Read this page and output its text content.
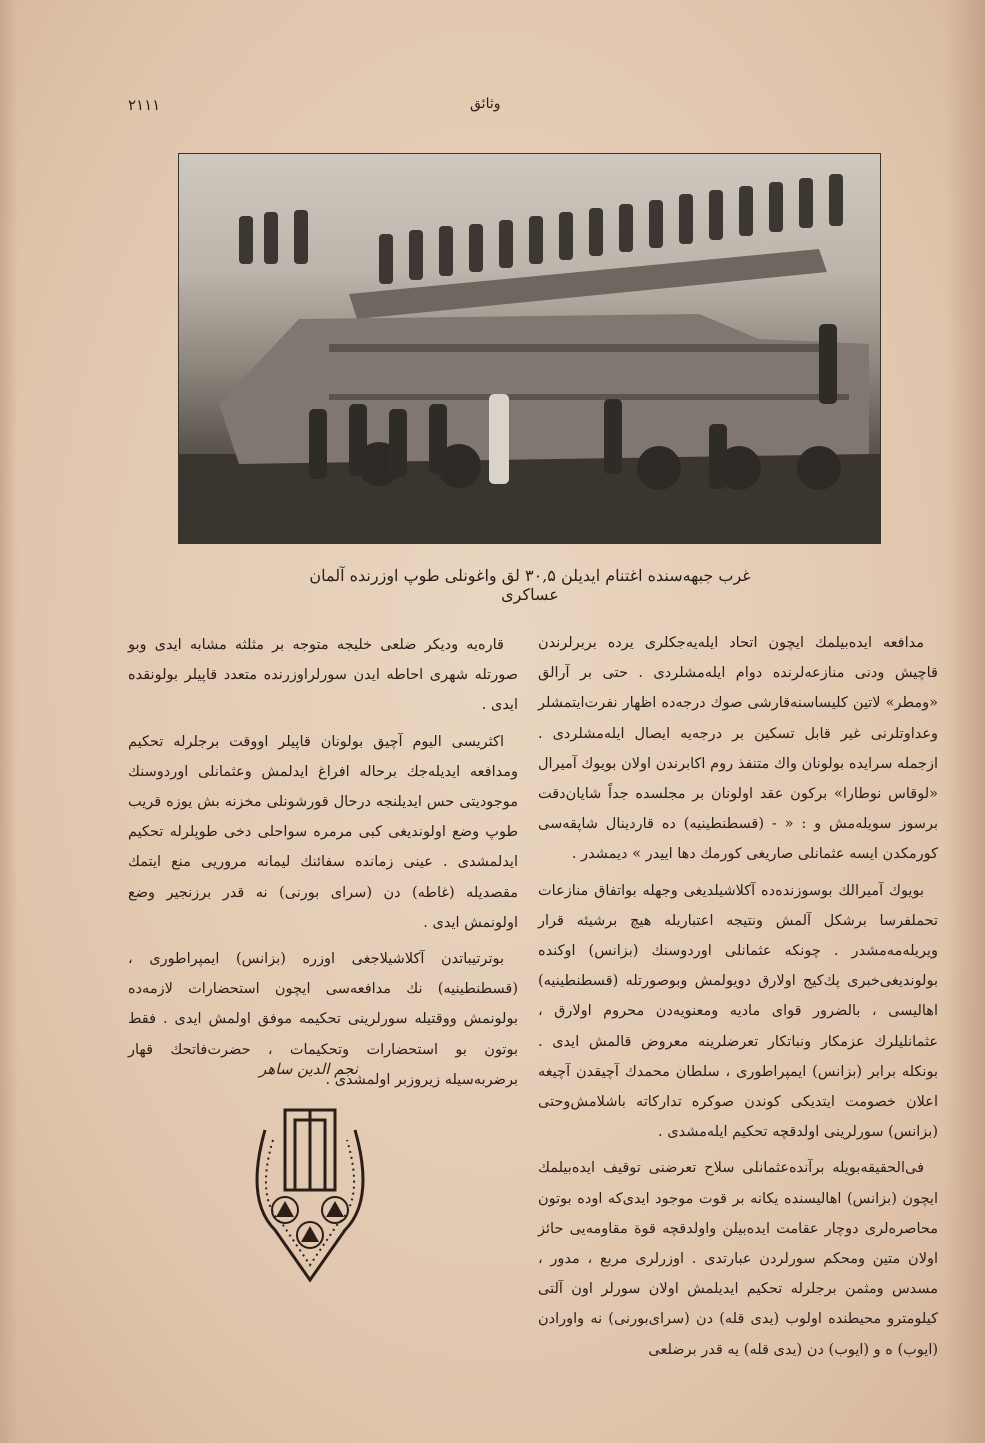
٢١١١	وثائق
غرب جبهه‌سنده اغتنام ایدیلن ۳۰,۵ لق واغونلی طوپ اوزرنده آلمان عساکری

مدافعه ایده‌بیلمك ایچون اتحاد ایله‌یه‌جكلری یرده بربرلرندن قاچیش ودنی منازعه‌لرنده دوام ایله‌مشلردی . حتی بر آرالق «ومطر» لاتین كلیساسنه‌قارشی صوك درجه‌ده اظهار نفرت‌ایتمشلر وعداوتلرنی غیر قابل تسكین بر درجه‌یه ایصال ایله‌مشلردی . ازجمله سرایده بولونان واك متنفذ روم اكابرندن اولان بویوك آمیرال «لوقاس نوطارا» بركون عقد اولونان بر مجلسده جداً شایان‌دقت برسوز سویله‌مش و : « - (قسطنطینیه) ده قاردینال شاپقه‌سی كورمكدن ایسه عثمانلی صاریغی كورمك دها ایيدر » دیمشدر .

بویوك آمیرالك بوسوزنده‌ده آكلاشیلدیغی وجهله بواتفاق منازعات تحملفرسا برشكل آلمش ونتیجه اعتباریله هیچ برشیئه قرار ویریله‌مه‌مشدر . چونكه عثمانلی اوردوسنك (بزانس) اوكنده بولوندیغی‌خبری پك‌كیج اولارق دویولمش وبوصورتله (قسطنطینیه) اهالیسی ، بالضرور قوای مادیه ومعنویه‌دن محروم اولارق ، عثمانلیلرك عزمكار ونباتكار تعرضلرینه معروض قالمش ایدی . بونكله برابر (بزانس) ایمپراطوری ، سلطان محمدك آچیقدن آچیغه اعلان خصومت ایتدیكی كوندن صوكره تداركاته باشلامش‌وحتی (بزانس) سورلرینی اولدقچه تحكیم ایله‌مشدی .

فی‌الحقیقه‌بویله برآنده‌عثمانلی سلاح تعرضنی توقیف ایده‌بیلمك ایچون (بزانس) اهالیسنده یكانه بر قوت موجود ایدی‌كه اوده بوتون محاصره‌لری دوچار عقامت ایده‌بیلن واولدقچه قوة مقاومه‌یی حائز اولان متین ومحكم سورلردن عبارتدی . اوزرلری مربع ، مدور ، مسدس ومثمن برجلرله تحكیم ایدیلمش اولان سورلر اون آلتی كیلومترو محیطنده اولوب (یدی قله) دن (سرای‌بورنی) نه واورادن (ایوب) ه و (ایوب) دن (یدی قله) یه قدر برضلعی

قاره‌یه ودیكر ضلعی خلیجه متوجه بر مثلثه مشابه ایدی وبو صورتله شهری احاطه ایدن سورلراوزرنده متعدد قاپیلر بولونقده ایدی .

اكثریسی الیوم آچیق بولونان قاپیلر اووقت برجلرله تحكیم ومدافعه ایدیله‌جك برحاله افراغ ایدلمش وعثمانلی اوردوسنك موجودیتی حس ایدیلنجه درحال قورشونلی مخزنه بش یوزه قریب طوپ وضع اولوندیغی كبی مرمره سواحلی دخی طوپلرله تحكیم ایدلمشدی . عینی زمانده سفائنك لیمانه مروریی منع ایتمك مقصدیله (غاطه) دن (سرای بورنی) نه قدر برزنجیر وضع اولونمش ایدی .

بوترتیباتدن آكلاشیلاجغی اوزره (بزانس) ایمپراطوری ، (قسطنطینیه) نك مدافعه‌سی ایچون استحضارات لازمه‌ده بولونمش ووقتیله سورلرینی تحكیمه موفق اولمش ایدی . فقط بوتون بو استحضارات وتحكیمات ، حضرت‌فاتحك قهار برضربه‌سیله زیروزبر اولمشدی .

نجم الدین ساهر
